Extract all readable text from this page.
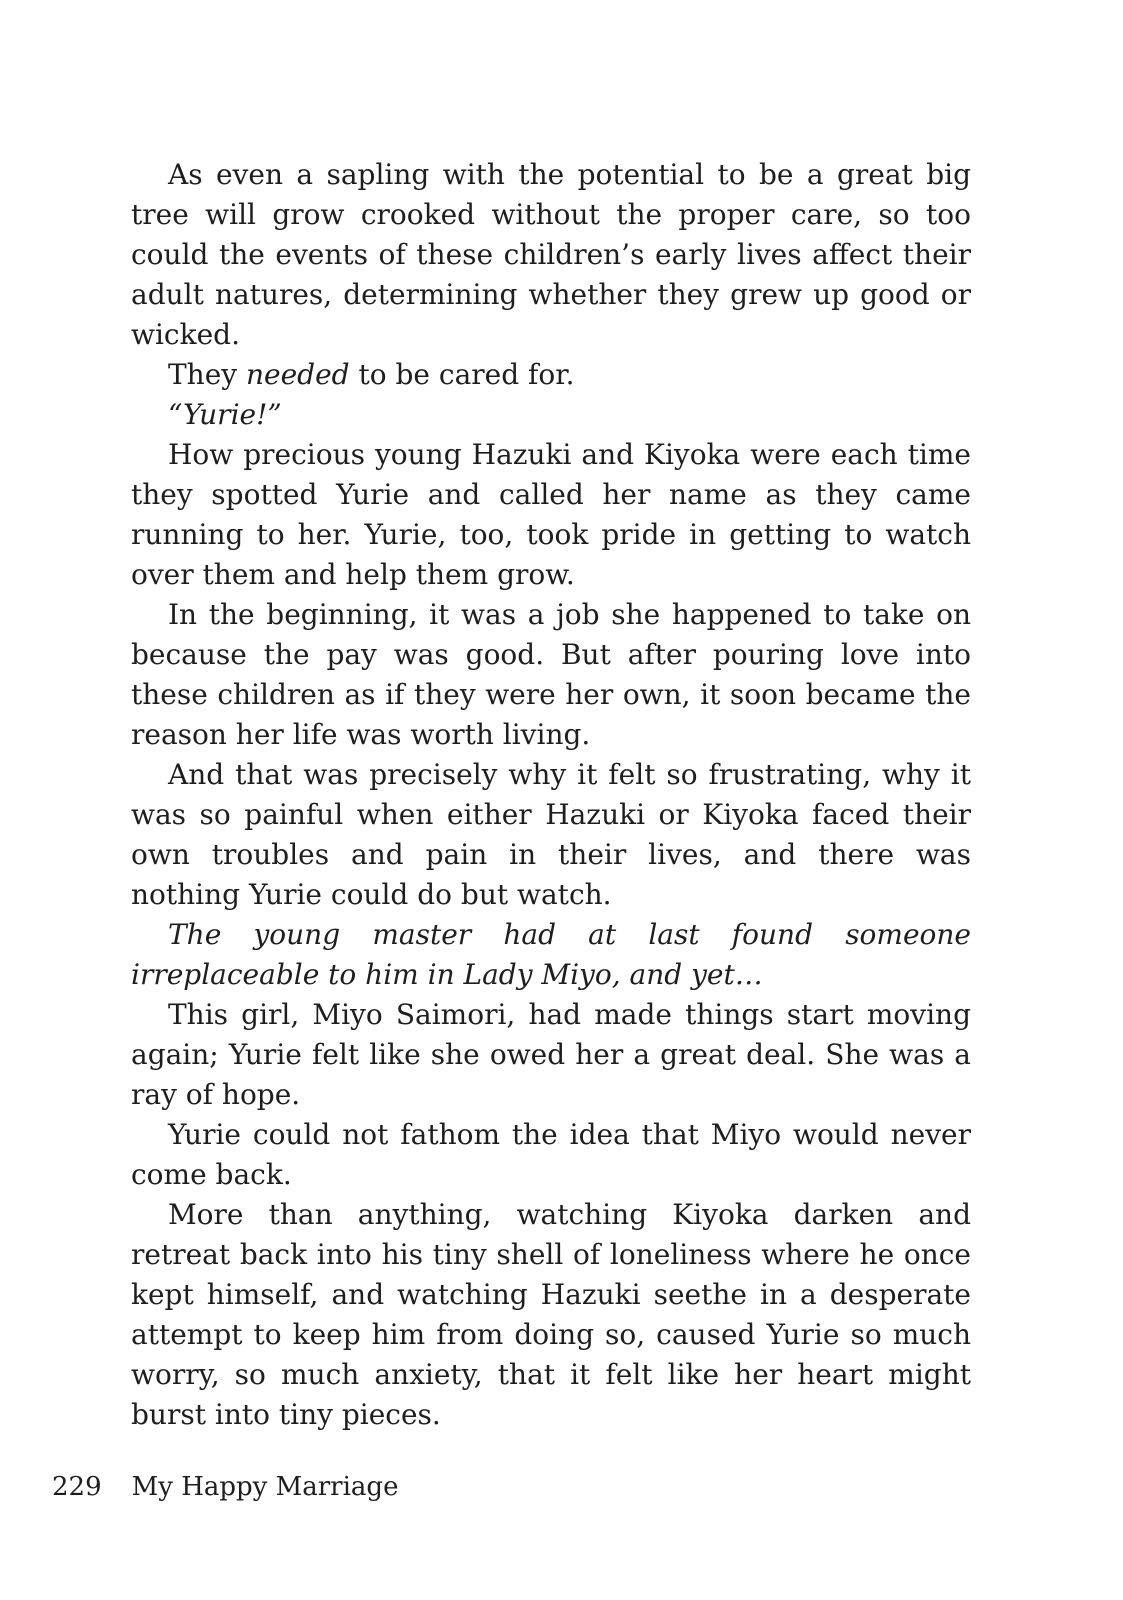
As even a sapling with the potential to be a great big tree will grow crooked without the proper care, so too could the events of these children’s early lives affect their adult natures, determining whether they grew up good or wicked.

They needed to be cared for.

“Yurie!”

How precious young Hazuki and Kiyoka were each time they spotted Yurie and called her name as they came running to her. Yurie, too, took pride in getting to watch over them and help them grow.

In the beginning, it was a job she happened to take on because the pay was good. But after pouring love into these children as if they were her own, it soon became the reason her life was worth living.

And that was precisely why it felt so frustrating, why it was so painful when either Hazuki or Kiyoka faced their own troubles and pain in their lives, and there was nothing Yurie could do but watch.

The young master had at last found someone irreplaceable to him in Lady Miyo, and yet…

This girl, Miyo Saimori, had made things start moving again; Yurie felt like she owed her a great deal. She was a ray of hope.

Yurie could not fathom the idea that Miyo would never come back.

More than anything, watching Kiyoka darken and retreat back into his tiny shell of loneliness where he once kept himself, and watching Hazuki seethe in a desperate attempt to keep him from doing so, caused Yurie so much worry, so much anxiety, that it felt like her heart might burst into tiny pieces.

229 My Happy Marriage
